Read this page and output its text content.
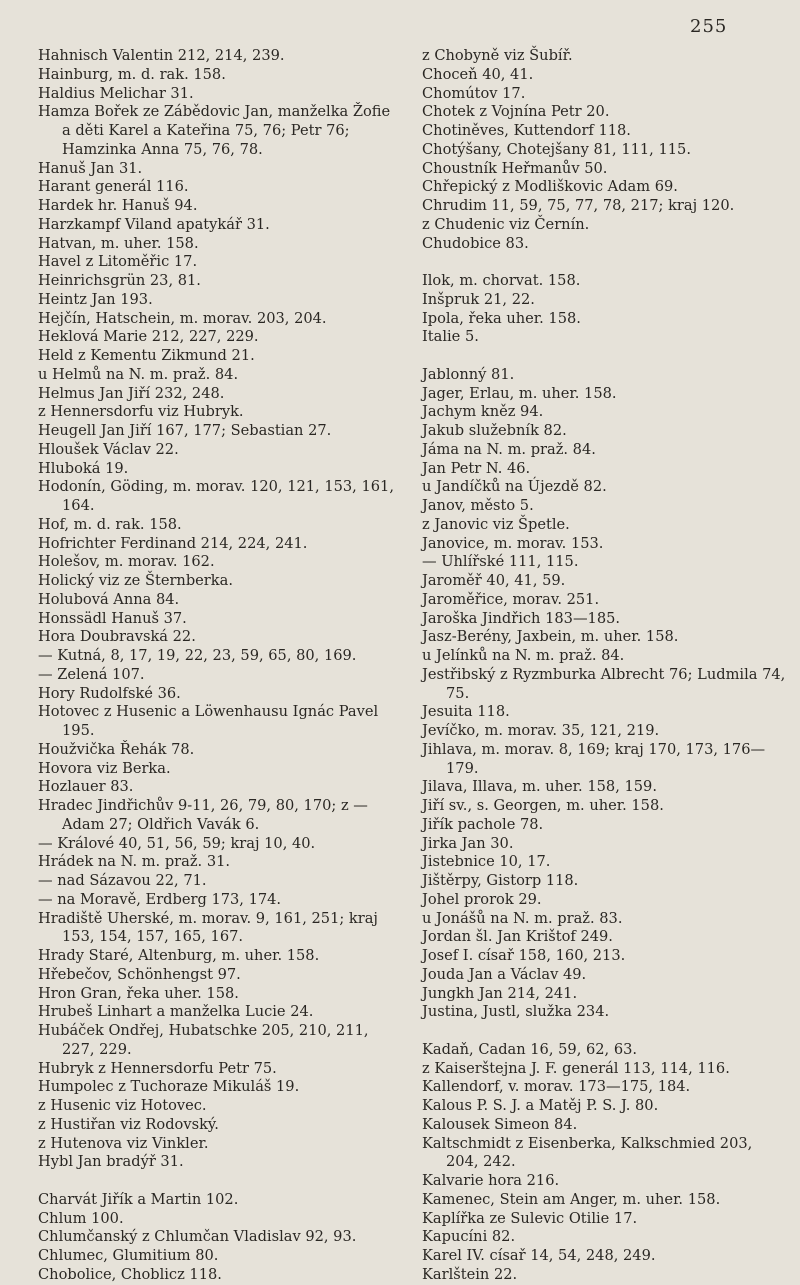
255
Hahnisch Valentin 212, 214, 239.
Hainburg, m. d. rak. 158.
Haldius Melichar 31.
Hamza Bořek ze Zábědovic Jan, manželka Žofie a děti Karel a Kateřina 75, 76; Petr 76; Hamzinka Anna 75, 76, 78.
Hanuš Jan 31.
Harant generál 116.
Hardek hr. Hanuš 94.
Harzkampf Viland apatykář 31.
Hatvan, m. uher. 158.
Havel z Litoměřic 17.
Heinrichsgrün 23, 81.
Heintz Jan 193.
Hejčín, Hatschein, m. morav. 203, 204.
Heklová Marie 212, 227, 229.
Held z Kementu Zikmund 21.
u Helmů na N. m. praž. 84.
Helmus Jan Jiří 232, 248.
z Hennersdorfu viz Hubryk.
Heugell Jan Jiří 167, 177; Sebastian 27.
Hloušek Václav 22.
Hluboká 19.
Hodonín, Göding, m. morav. 120, 121, 153, 161, 164.
Hof, m. d. rak. 158.
Hofrichter Ferdinand 214, 224, 241.
Holešov, m. morav. 162.
Holický viz ze Šternberka.
Holubová Anna 84.
Honssädl Hanuš 37.
Hora Doubravská 22.
— Kutná, 8, 17, 19, 22, 23, 59, 65, 80, 169.
— Zelená 107.
Hory Rudolfské 36.
Hotovec z Husenic a Löwenhausu Ignác Pavel 195.
Houžvička Řehák 78.
Hovora viz Berka.
Hozlauer 83.
Hradec Jindřichův 9-11, 26, 79, 80, 170; z — Adam 27; Oldřich Vavák 6.
— Králové 40, 51, 56, 59; kraj 10, 40.
Hrádek na N. m. praž. 31.
— nad Sázavou 22, 71.
— na Moravě, Erdberg 173, 174.
Hradiště Uherské, m. morav. 9, 161, 251; kraj 153, 154, 157, 165, 167.
Hrady Staré, Altenburg, m. uher. 158.
Hřebečov, Schönhengst 97.
Hron Gran, řeka uher. 158.
Hrubeš Linhart a manželka Lucie 24.
Hubáček Ondřej, Hubatschke 205, 210, 211, 227, 229.
Hubryk z Hennersdorfu Petr 75.
Humpolec z Tuchoraze Mikuláš 19.
z Husenic viz Hotovec.
z Hustiřan viz Rodovský.
z Hutenova viz Vinkler.
Hybl Jan bradýř 31.
Charvát Jiřík a Martin 102.
Chlum 100.
Chlumčanský z Chlumčan Vladislav 92, 93.
Chlumec, Glumitium 80.
Chobolice, Choblicz 118.
z Chobyně viz Šubíř.
Choceň 40, 41.
Chomútov 17.
Chotek z Vojnína Petr 20.
Chotiněves, Kuttendorf 118.
Chotýšany, Chotejšany 81, 111, 115.
Choustník Heřmanův 50.
Chřepický z Modliškovic Adam 69.
Chrudim 11, 59, 75, 77, 78, 217; kraj 120.
z Chudenic viz Černín.
Chudobice 83.
Ilok, m. chorvat. 158.
Inšpruk 21, 22.
Ipola, řeka uher. 158.
Italie 5.
Jablonný 81.
Jager, Erlau, m. uher. 158.
Jachym kněz 94.
Jakub služebník 82.
Jáma na N. m. praž. 84.
Jan Petr N. 46.
u Jandíčků na Újezdě 82.
Janov, město 5.
z Janovic viz Špetle.
Janovice, m. morav. 153.
— Uhlířské 111, 115.
Jaroměř 40, 41, 59.
Jaroměřice, morav. 251.
Jaroška Jindřich 183—185.
Jasz-Berény, Jaxbein, m. uher. 158.
u Jelínků na N. m. praž. 84.
Jestřibský z Ryzmburka Albrecht 76; Ludmila 74, 75.
Jesuita 118.
Jevíčko, m. morav. 35, 121, 219.
Jihlava, m. morav. 8, 169; kraj 170, 173, 176—179.
Jilava, Illava, m. uher. 158, 159.
Jiří sv., s. Georgen, m. uher. 158.
Jiřík pachole 78.
Jirka Jan 30.
Jistebnice 10, 17.
Jištěrpy, Gistorp 118.
Johel prorok 29.
u Jonášů na N. m. praž. 83.
Jordan šl. Jan Krištof 249.
Josef I. císař 158, 160, 213.
Jouda Jan a Václav 49.
Jungkh Jan 214, 241.
Justina, Justl, služka 234.
Kadaň, Cadan 16, 59, 62, 63.
z Kaiserštejna J. F. generál 113, 114, 116.
Kallendorf, v. morav. 173—175, 184.
Kalous P. S. J. a Matěj P. S. J. 80.
Kalousek Simeon 84.
Kaltschmidt z Eisenberka, Kalkschmied 203, 204, 242.
Kalvarie hora 216.
Kamenec, Stein am Anger, m. uher. 158.
Kaplířka ze Sulevic Otilie 17.
Kapucíni 82.
Karel IV. císař 14, 54, 248, 249.
Karlštein 22.
